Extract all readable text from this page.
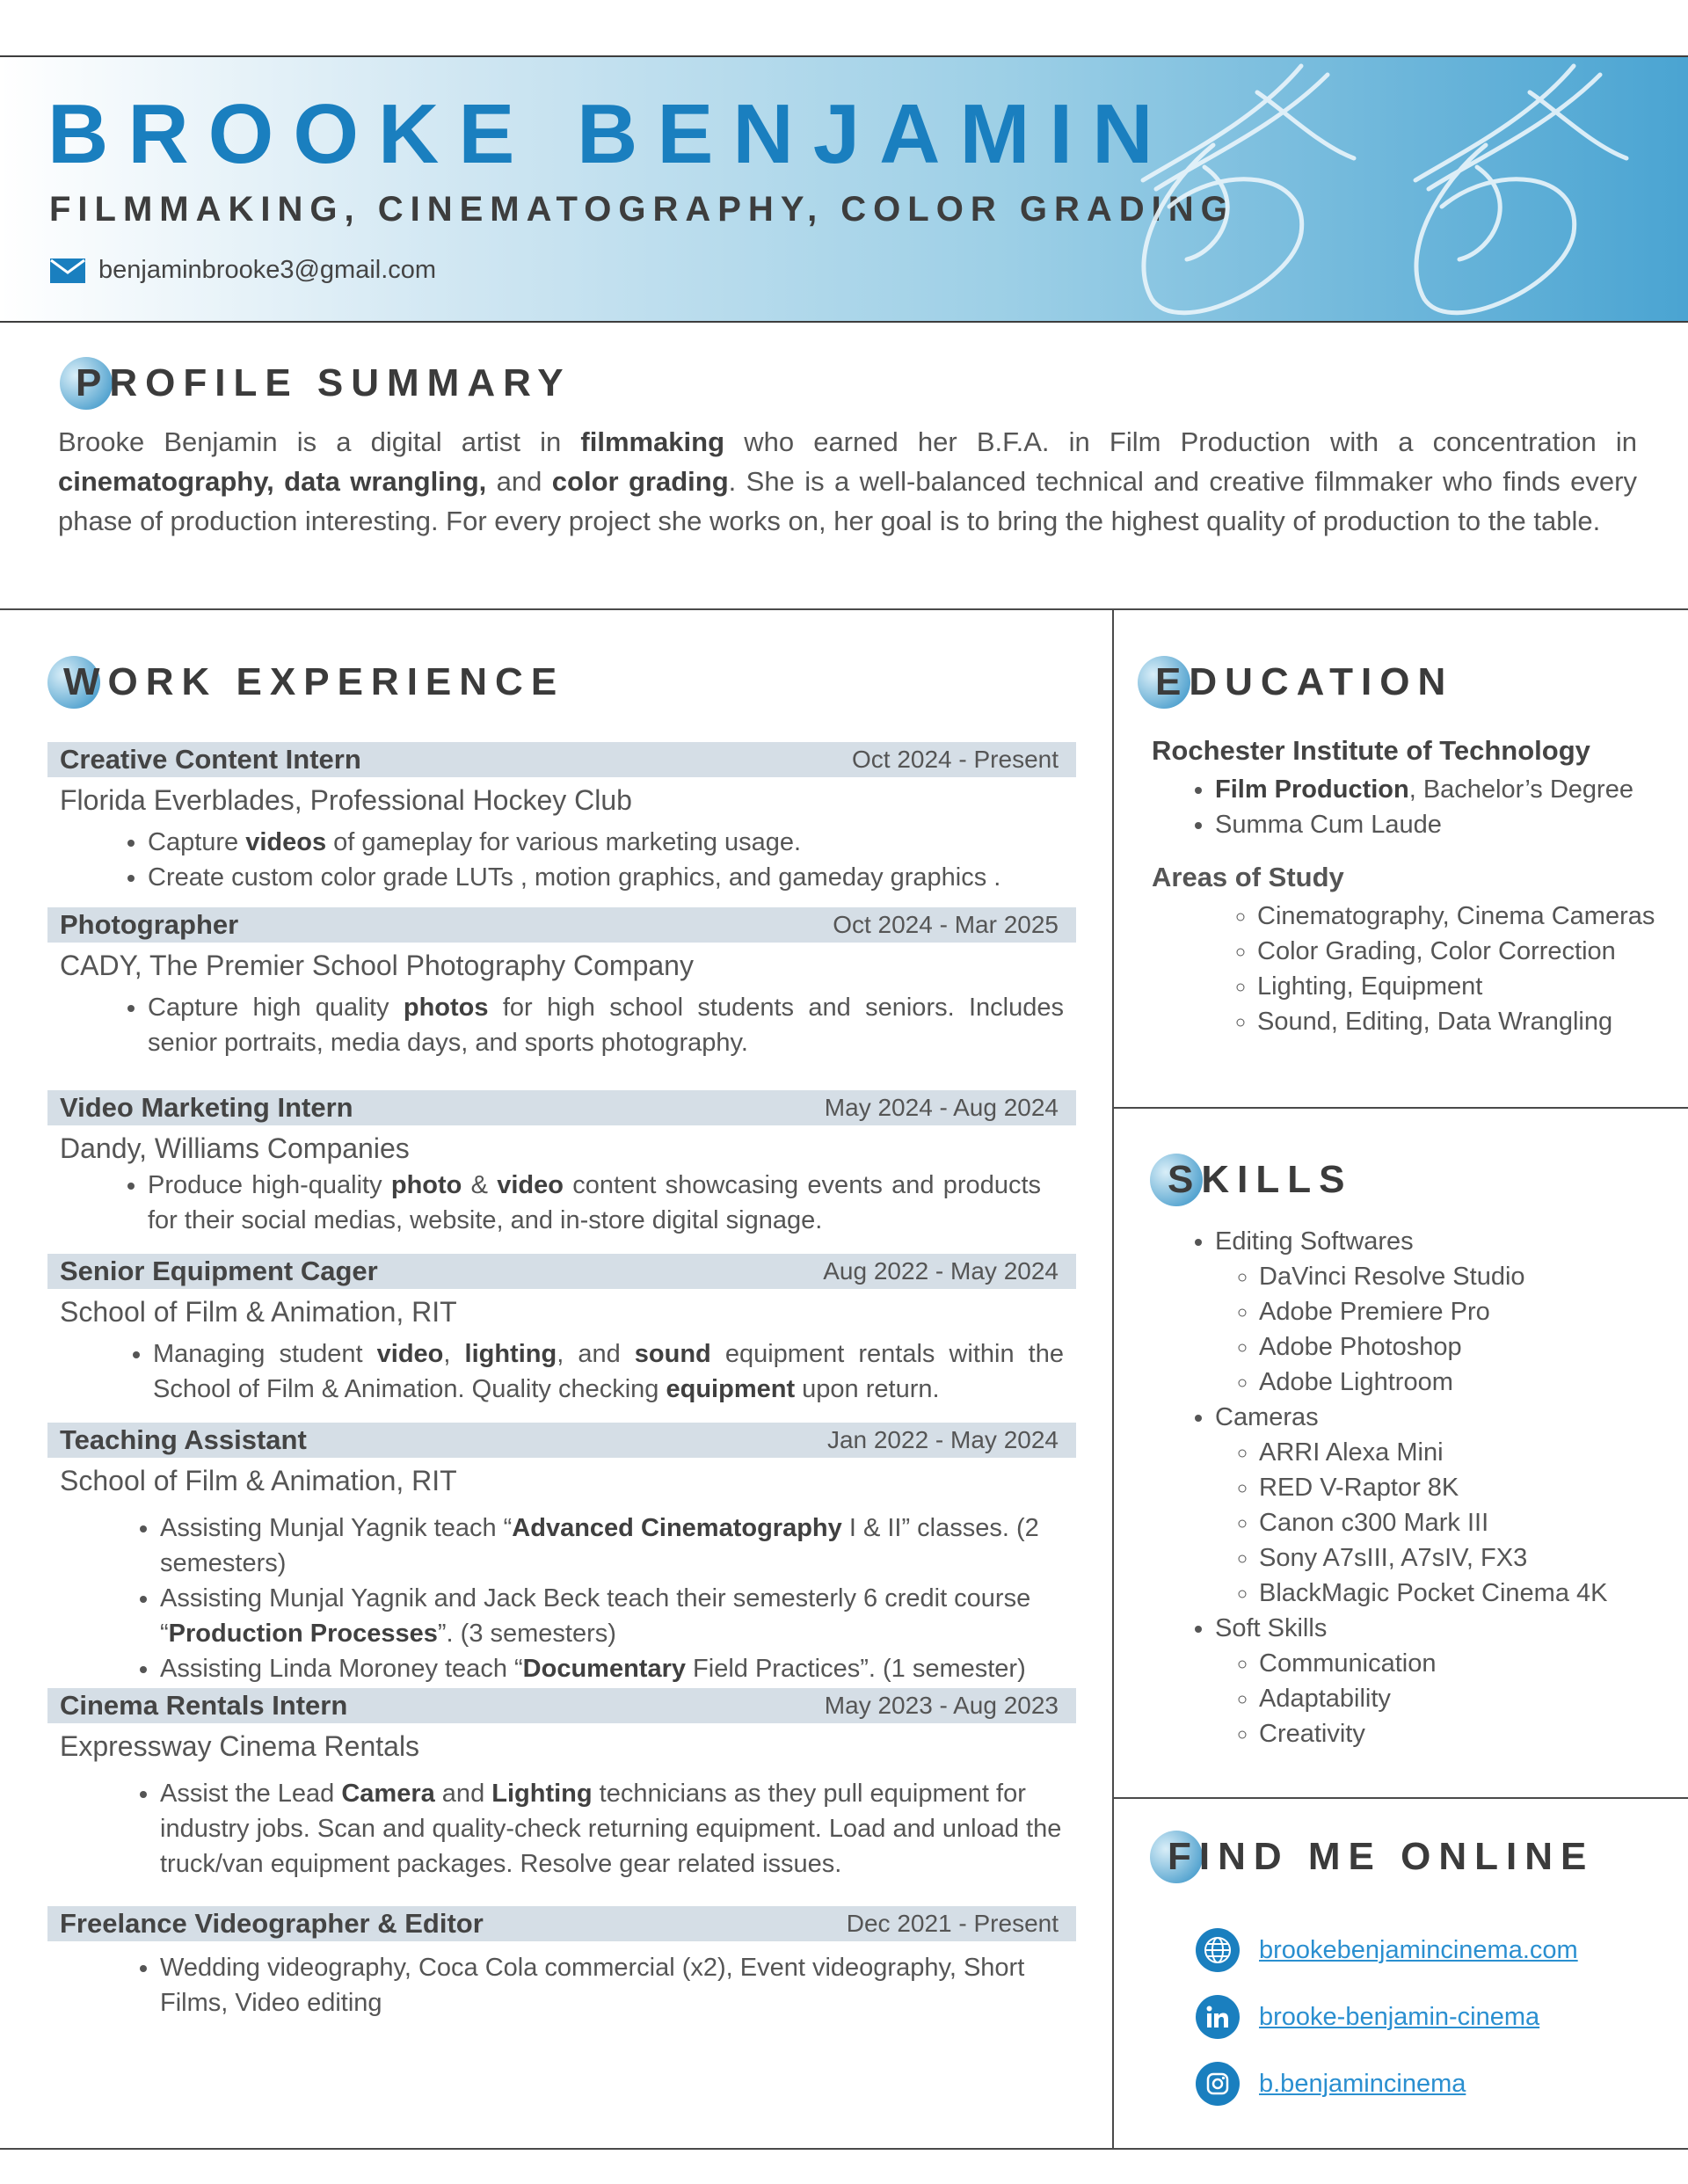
BROOKE BENJAMIN
FILMMAKING, CINEMATOGRAPHY, COLOR GRADING
benjaminbrooke3@gmail.com
PROFILE SUMMARY

Brooke Benjamin is a digital artist in filmmaking who earned her B.F.A. in Film Production with a concentration in cinematography, data wrangling, and color grading. She is a well-balanced technical and creative filmmaker who finds every phase of production interesting. For every project she works on, her goal is to bring the highest quality of production to the table.

WORK EXPERIENCE
Creative Content Intern	Oct 2024 - Present
Florida Everblades, Professional Hockey Club
• Capture videos of gameplay for various marketing usage.
• Create custom color grade LUTs , motion graphics, and gameday graphics .
Photographer	Oct 2024 - Mar 2025
CADY, The Premier School Photography Company
• Capture high quality photos for high school students and seniors. Includes senior portraits, media days, and sports photography.
Video Marketing Intern	May 2024 - Aug 2024
Dandy, Williams Companies
• Produce high-quality photo & video content showcasing events and products for their social medias, website, and in-store digital signage.
Senior Equipment Cager	Aug 2022 - May 2024
School of Film & Animation, RIT
• Managing student video, lighting, and sound equipment rentals within the School of Film & Animation. Quality checking equipment upon return.
Teaching Assistant	Jan 2022 - May 2024
School of Film & Animation, RIT
• Assisting Munjal Yagnik teach “Advanced Cinematography I & II” classes. (2 semesters)
• Assisting Munjal Yagnik and Jack Beck teach their semesterly 6 credit course “Production Processes”. (3 semesters)
• Assisting Linda Moroney teach “Documentary Field Practices”. (1 semester)
Cinema Rentals Intern	May 2023 - Aug 2023
Expressway Cinema Rentals
• Assist the Lead Camera and Lighting technicians as they pull equipment for industry jobs. Scan and quality-check returning equipment. Load and unload the truck/van equipment packages. Resolve gear related issues.
Freelance Videographer & Editor	Dec 2021 - Present
• Wedding videography, Coca Cola commercial (x2), Event videography, Short Films, Video editing
EDUCATION

Rochester Institute of Technology

• Film Production, Bachelor’s Degree
• Summa Cum Laude

Areas of Study

◦ Cinematography, Cinema Cameras
◦ Color Grading, Color Correction
◦ Lighting, Equipment
◦ Sound, Editing, Data Wrangling
SKILLS
• Editing Softwares
◦ DaVinci Resolve Studio
◦ Adobe Premiere Pro
◦ Adobe Photoshop
◦ Adobe Lightroom
• Cameras
◦ ARRI Alexa Mini
◦ RED V-Raptor 8K
◦ Canon c300 Mark III
◦ Sony A7sIII, A7sIV, FX3
◦ BlackMagic Pocket Cinema 4K
• Soft Skills
◦ Communication
◦ Adaptability
◦ Creativity
FIND ME ONLINE
brookebenjamincinema.com
brooke-benjamin-cinema
b.benjamincinema
